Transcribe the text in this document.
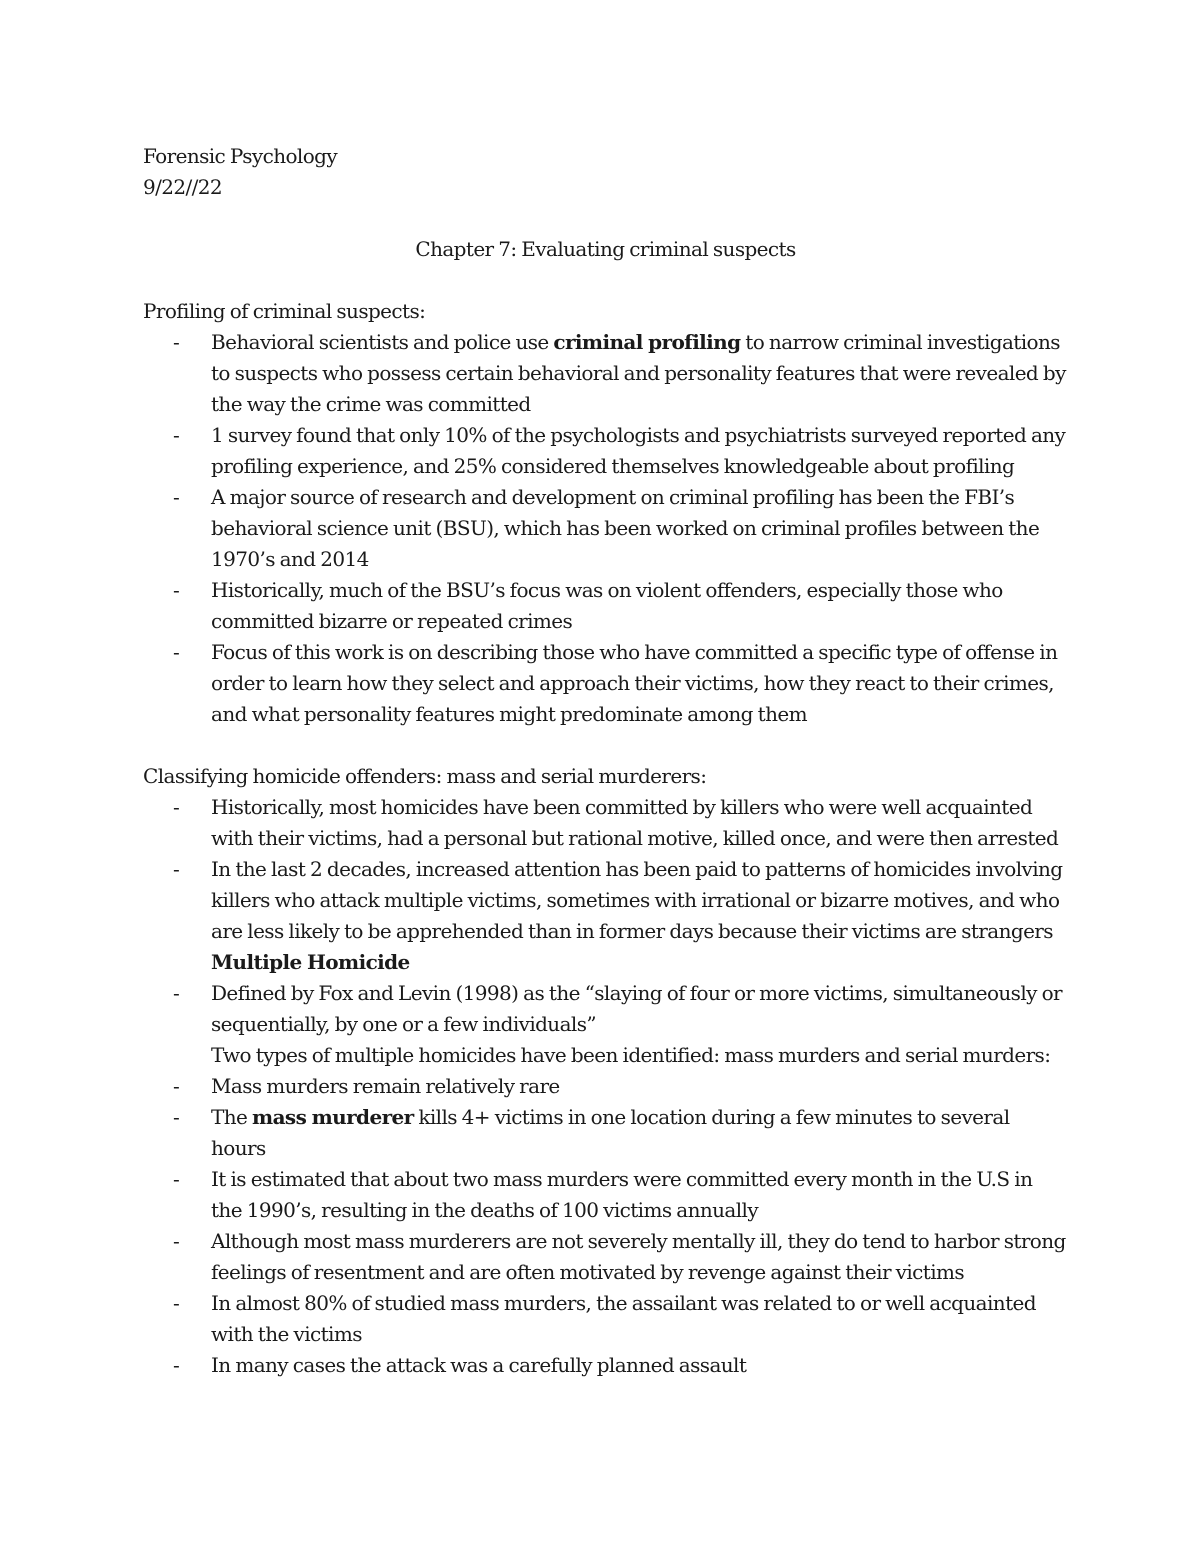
Forensic Psychology
9/22//22
Chapter 7: Evaluating criminal suspects
Profiling of criminal suspects:
- Behavioral scientists and police use criminal profiling to narrow criminal investigations to suspects who possess certain behavioral and personality features that were revealed by the way the crime was committed
- 1 survey found that only 10% of the psychologists and psychiatrists surveyed reported any profiling experience, and 25% considered themselves knowledgeable about profiling
- A major source of research and development on criminal profiling has been the FBI’s behavioral science unit (BSU), which has been worked on criminal profiles between the 1970’s and 2014
- Historically, much of the BSU’s focus was on violent offenders, especially those who committed bizarre or repeated crimes
- Focus of this work is on describing those who have committed a specific type of offense in order to learn how they select and approach their victims, how they react to their crimes, and what personality features might predominate among them
Classifying homicide offenders: mass and serial murderers:
- Historically, most homicides have been committed by killers who were well acquainted with their victims, had a personal but rational motive, killed once, and were then arrested
- In the last 2 decades, increased attention has been paid to patterns of homicides involving killers who attack multiple victims, sometimes with irrational or bizarre motives, and who are less likely to be apprehended than in former days because their victims are strangers
Multiple Homicide
- Defined by Fox and Levin (1998) as the “slaying of four or more victims, simultaneously or sequentially, by one or a few individuals”
Two types of multiple homicides have been identified: mass murders and serial murders:
- Mass murders remain relatively rare
- The mass murderer kills 4+ victims in one location during a few minutes to several hours
- It is estimated that about two mass murders were committed every month in the U.S in the 1990’s, resulting in the deaths of 100 victims annually
- Although most mass murderers are not severely mentally ill, they do tend to harbor strong feelings of resentment and are often motivated by revenge against their victims
- In almost 80% of studied mass murders, the assailant was related to or well acquainted with the victims
- In many cases the attack was a carefully planned assault
